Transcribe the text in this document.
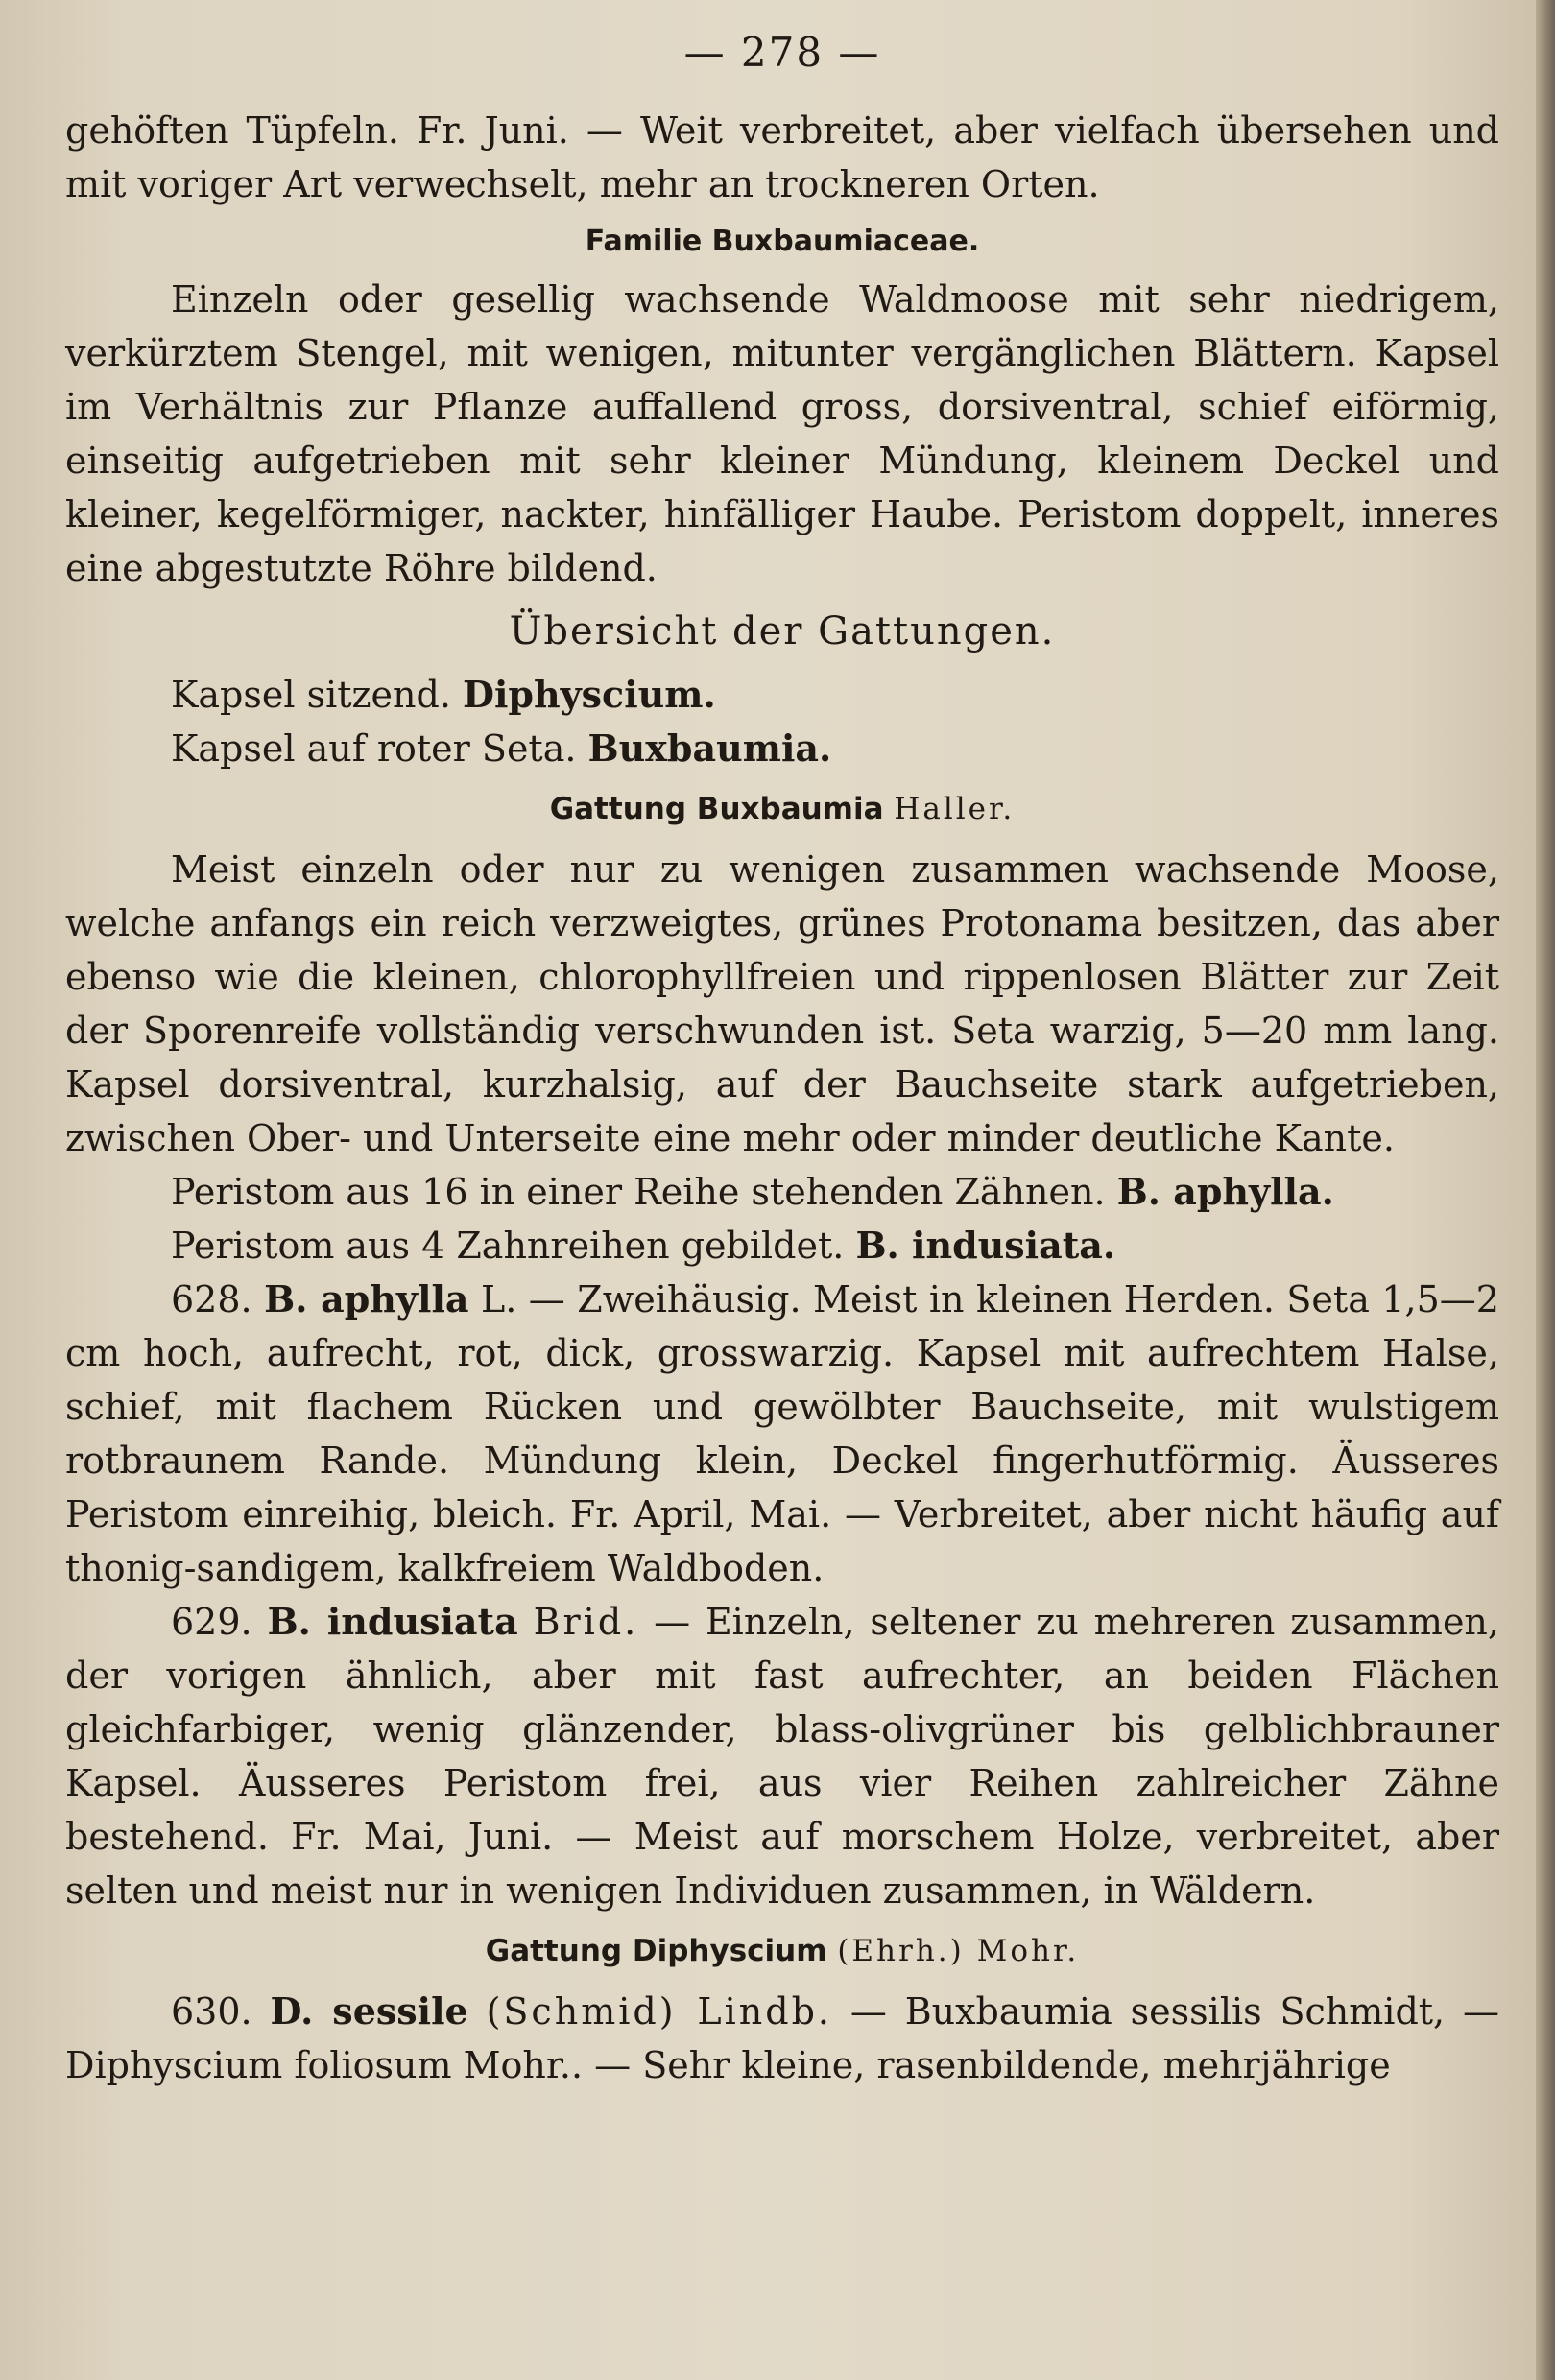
— 278 —

gehöften Tüpfeln. Fr. Juni. — Weit verbreitet, aber vielfach übersehen und mit voriger Art verwechselt, mehr an trockneren Orten.

Familie Buxbaumiaceae.

Einzeln oder gesellig wachsende Waldmoose mit sehr niedrigem, verkürztem Stengel, mit wenigen, mitunter vergänglichen Blättern. Kapsel im Verhältnis zur Pflanze auffallend gross, dorsiventral, schief eiförmig, einseitig aufgetrieben mit sehr kleiner Mündung, kleinem Deckel und kleiner, kegelförmiger, nackter, hinfälliger Haube. Peristom doppelt, inneres eine abgestutzte Röhre bildend.

Übersicht der Gattungen.

Kapsel sitzend. Diphyscium.

Kapsel auf roter Seta. Buxbaumia.

Gattung Buxbaumia Haller.

Meist einzeln oder nur zu wenigen zusammen wachsende Moose, welche anfangs ein reich verzweigtes, grünes Protonama besitzen, das aber ebenso wie die kleinen, chlorophyllfreien und rippenlosen Blätter zur Zeit der Sporenreife vollständig verschwunden ist. Seta warzig, 5—20 mm lang. Kapsel dorsiventral, kurzhalsig, auf der Bauchseite stark aufgetrieben, zwischen Ober- und Unterseite eine mehr oder minder deutliche Kante.

Peristom aus 16 in einer Reihe stehenden Zähnen. B. aphylla.

Peristom aus 4 Zahnreihen gebildet. B. indusiata.

628. B. aphylla L. — Zweihäusig. Meist in kleinen Herden. Seta 1,5—2 cm hoch, aufrecht, rot, dick, grosswarzig. Kapsel mit aufrechtem Halse, schief, mit flachem Rücken und gewölbter Bauchseite, mit wulstigem rotbraunem Rande. Mündung klein, Deckel fingerhutförmig. Äusseres Peristom einreihig, bleich. Fr. April, Mai. — Verbreitet, aber nicht häufig auf thonig-sandigem, kalkfreiem Waldboden.

629. B. indusiata Brid. — Einzeln, seltener zu mehreren zusammen, der vorigen ähnlich, aber mit fast aufrechter, an beiden Flächen gleichfarbiger, wenig glänzender, blass-olivgrüner bis gelblichbrauner Kapsel. Äusseres Peristom frei, aus vier Reihen zahlreicher Zähne bestehend. Fr. Mai, Juni. — Meist auf morschem Holze, verbreitet, aber selten und meist nur in wenigen Individuen zusammen, in Wäldern.

Gattung Diphyscium (Ehrh.) Mohr.

630. D. sessile (Schmid) Lindb. — Buxbaumia sessilis Schmidt, — Diphyscium foliosum Mohr.. — Sehr kleine, rasenbildende, mehrjährige
